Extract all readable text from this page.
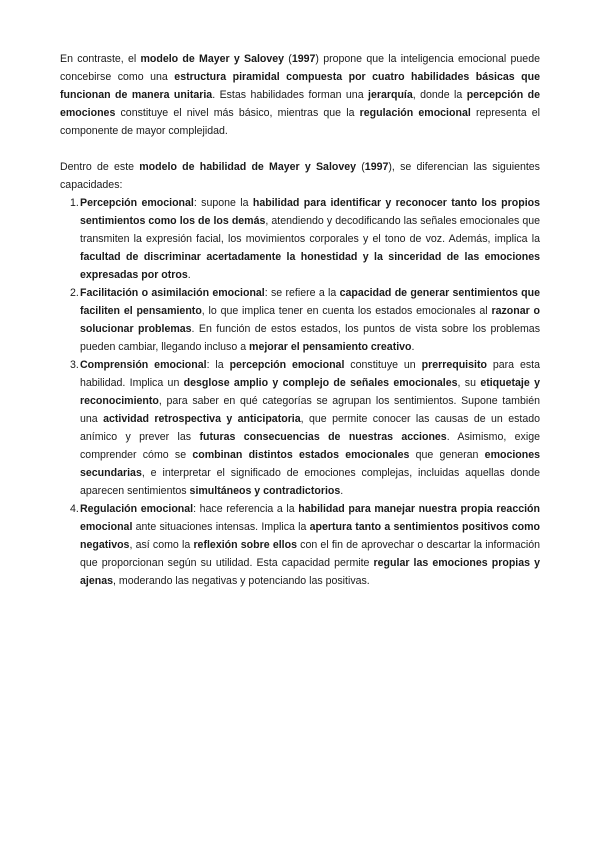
En contraste, el modelo de Mayer y Salovey (1997) propone que la inteligencia emocional puede concebirse como una estructura piramidal compuesta por cuatro habilidades básicas que funcionan de manera unitaria. Estas habilidades forman una jerarquía, donde la percepción de emociones constituye el nivel más básico, mientras que la regulación emocional representa el componente de mayor complejidad.

Dentro de este modelo de habilidad de Mayer y Salovey (1997), se diferencian las siguientes capacidades:

Percepción emocional: supone la habilidad para identificar y reconocer tanto los propios sentimientos como los de los demás, atendiendo y decodificando las señales emocionales que transmiten la expresión facial, los movimientos corporales y el tono de voz. Además, implica la facultad de discriminar acertadamente la honestidad y la sinceridad de las emociones expresadas por otros.
Facilitación o asimilación emocional: se refiere a la capacidad de generar sentimientos que faciliten el pensamiento, lo que implica tener en cuenta los estados emocionales al razonar o solucionar problemas. En función de estos estados, los puntos de vista sobre los problemas pueden cambiar, llegando incluso a mejorar el pensamiento creativo.
Comprensión emocional: la percepción emocional constituye un prerrequisito para esta habilidad. Implica un desglose amplio y complejo de señales emocionales, su etiquetaje y reconocimiento, para saber en qué categorías se agrupan los sentimientos. Supone también una actividad retrospectiva y anticipatoria, que permite conocer las causas de un estado anímico y prever las futuras consecuencias de nuestras acciones. Asimismo, exige comprender cómo se combinan distintos estados emocionales que generan emociones secundarias, e interpretar el significado de emociones complejas, incluidas aquellas donde aparecen sentimientos simultáneos y contradictorios.
Regulación emocional: hace referencia a la habilidad para manejar nuestra propia reacción emocional ante situaciones intensas. Implica la apertura tanto a sentimientos positivos como negativos, así como la reflexión sobre ellos con el fin de aprovechar o descartar la información que proporcionan según su utilidad. Esta capacidad permite regular las emociones propias y ajenas, moderando las negativas y potenciando las positivas.
